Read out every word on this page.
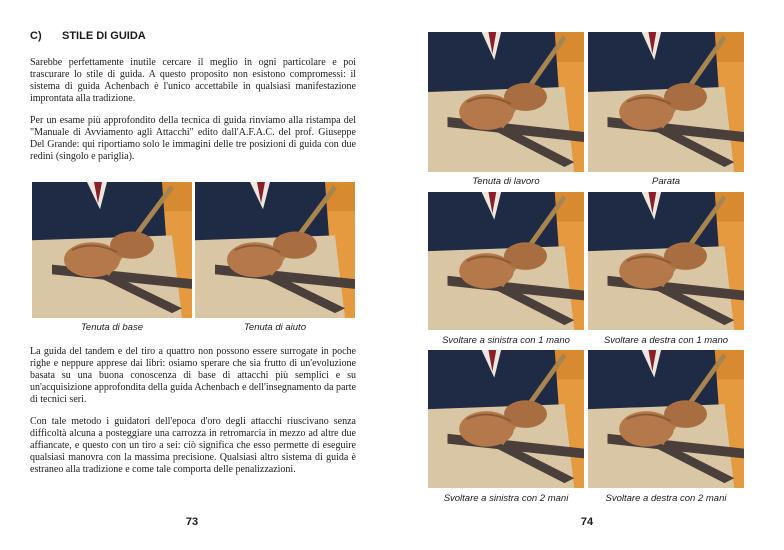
C) STILE DI GUIDA

Sarebbe perfettamente inutile cercare il meglio in ogni particolare e poi trascurare lo stile di guida. A questo proposito non esistono compromessi: il sistema di guida Achenbach è l'unico accettabile in qualsiasi manifestazione improntata alla tradizione.

Per un esame più approfondito della tecnica di guida rinviamo alla ristampa del "Manuale di Avviamento agli Attacchi" edito dall'A.F.A.C. del prof. Giuseppe Del Grande: qui riportiamo solo le immagini delle tre posizioni di guida con due redini (singolo e pariglia).

Tenuta di base	Tenuta di aiuto

La guida del tandem e del tiro a quattro non possono essere surrogate in poche righe e neppure apprese dai libri: osiamo sperare che sia frutto di un'evoluzione basata su una buona conoscenza di base di attacchi più semplici e su un'acquisizione approfondita della guida Achenbach e dell'insegnamento da parte di tecnici seri.

Con tale metodo i guidatori dell'epoca d'oro degli attacchi riuscivano senza difficoltà alcuna a posteggiare una carrozza in retromarcia in mezzo ad altre due affiancate, e questo con un tiro a sei: ciò significa che esso permette di eseguire qualsiasi manovra con la massima precisione. Qualsiasi altro sistema di guida è estraneo alla tradizione e come tale comporta delle penalizzazioni.

73

Tenuta di lavoro	Parata

Svoltare a sinistra con 1 mano	Svoltare a destra con 1 mano

Svoltare a sinistra con 2 mani	Svoltare a destra con 2 mani

74
